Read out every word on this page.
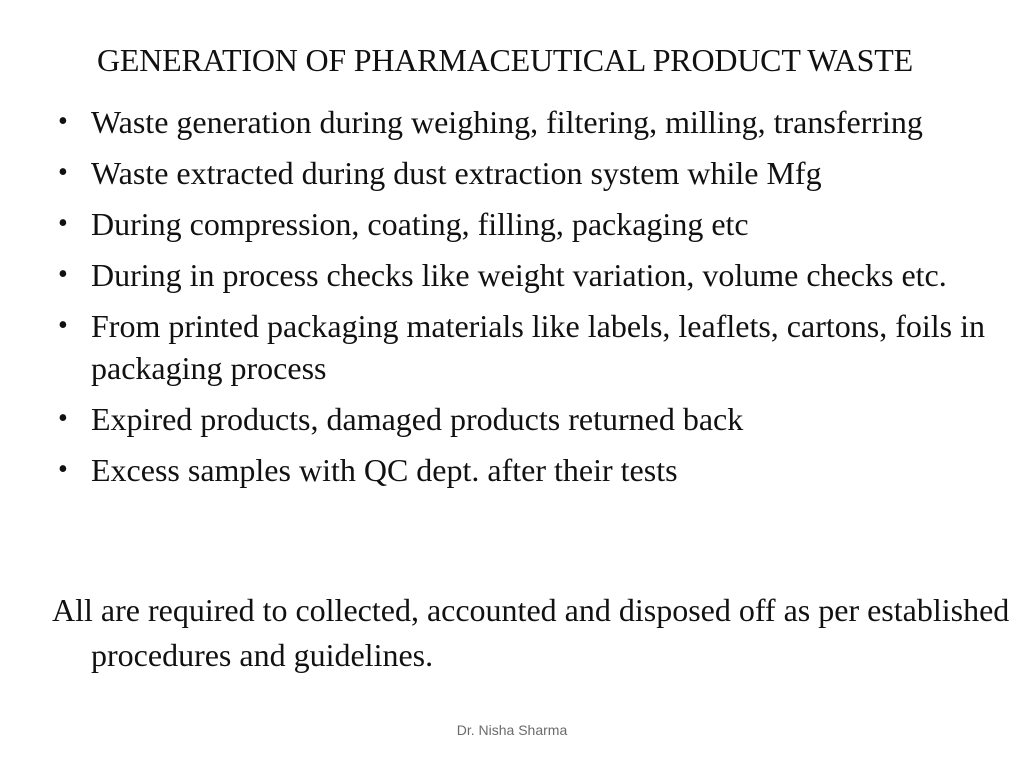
GENERATION OF PHARMACEUTICAL PRODUCT WASTE
• Waste generation during weighing, filtering, milling, transferring
• Waste extracted during dust extraction system while Mfg
• During compression, coating, filling, packaging etc
• During in process checks like weight variation, volume checks etc.
• From printed packaging materials like labels, leaflets, cartons, foils in packaging process
• Expired products, damaged products returned back
• Excess samples with QC dept. after their tests

All are required to collected, accounted and disposed off as per established procedures and guidelines.

Dr. Nisha Sharma
